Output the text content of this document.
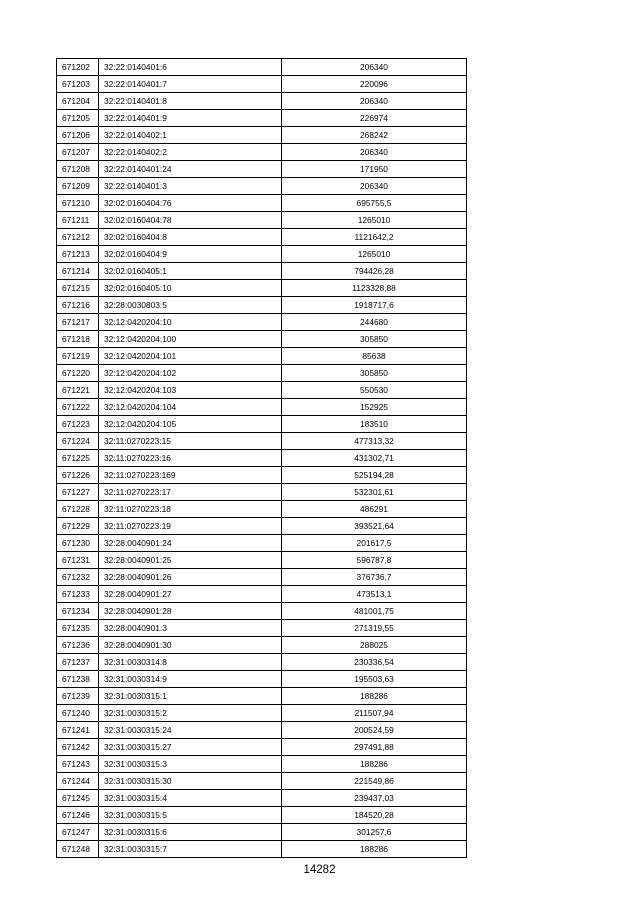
671202	32:22:0140401:6	206340
671203	32:22:0140401:7	220096
671204	32:22:0140401:8	206340
671205	32:22:0140401:9	226974
671206	32:22:0140402:1	268242
671207	32:22:0140402:2	206340
671208	32:22:0140401:24	171950
671209	32:22:0140401:3	206340
671210	32:02:0160404:76	695755,5
671211	32:02:0160404:78	1265010
671212	32:02:0160404:8	1121642,2
671213	32:02:0160404:9	1265010
671214	32:02:0160405:1	794426,28
671215	32:02:0160405:10	1123328,88
671216	32:28:0030803:5	1918717,6
671217	32:12:0420204:10	244680
671218	32:12:0420204:100	305850
671219	32:12:0420204:101	85638
671220	32:12:0420204:102	305850
671221	32:12:0420204:103	550530
671222	32:12:0420204:104	152925
671223	32:12:0420204:105	183510
671224	32:11:0270223:15	477313,32
671225	32:11:0270223:16	431302,71
671226	32:11:0270223:169	525194,28
671227	32:11:0270223:17	532301,61
671228	32:11:0270223:18	486291
671229	32:11:0270223:19	393521,64
671230	32:28:0040901:24	201617,5
671231	32:28:0040901:25	596787,8
671232	32:28:0040901:26	376736,7
671233	32:28:0040901:27	473513,1
671234	32:28:0040901:28	481001,75
671235	32:28:0040901:3	271319,55
671236	32:28:0040901:30	288025
671237	32:31:0030314:8	230336,54
671238	32:31:0030314:9	195503,63
671239	32:31:0030315:1	188286
671240	32:31:0030315:2	211507,94
671241	32:31:0030315:24	200524,59
671242	32:31:0030315:27	297491,88
671243	32:31:0030315:3	188286
671244	32:31:0030315:30	221549,86
671245	32:31:0030315:4	239437,03
671246	32:31:0030315:5	184520,28
671247	32:31:0030315:6	301257,6
671248	32:31:0030315:7	188286
14282
